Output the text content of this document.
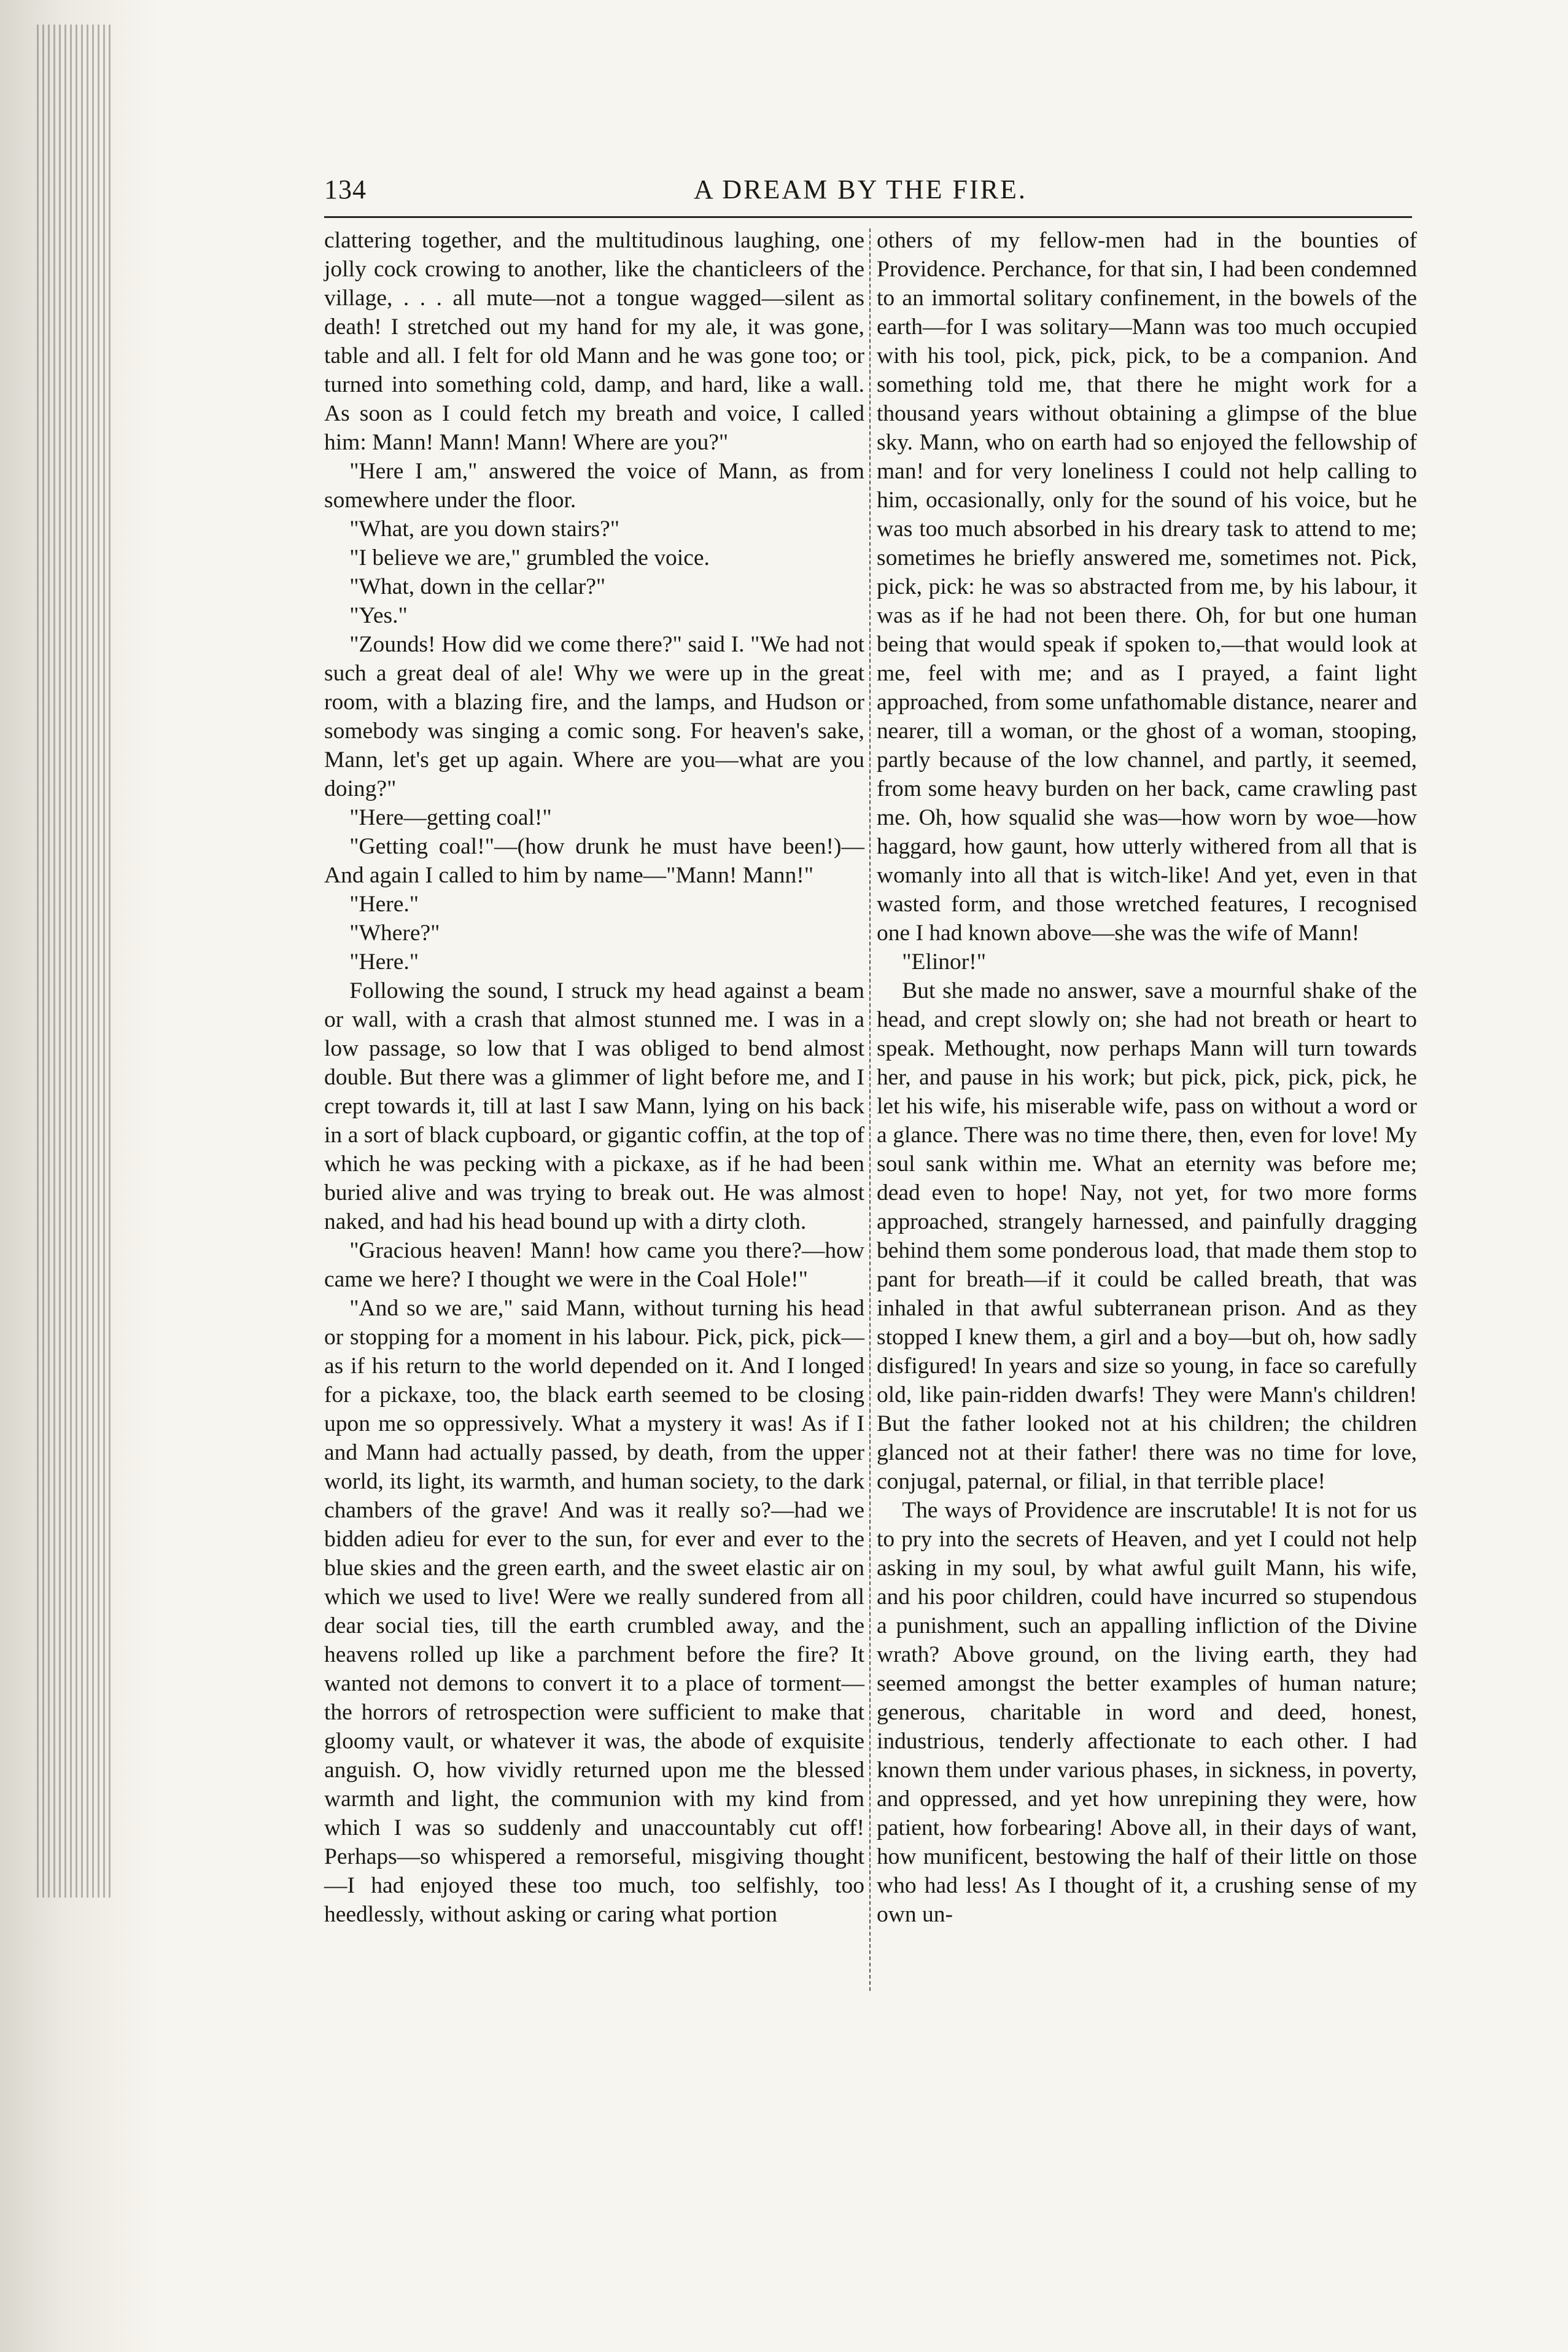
134	A DREAM BY THE FIRE.

clattering together, and the multitudinous laughing, one jolly cock crowing to another, like the chanticleers of the village, . . . all mute—not a tongue wagged—silent as death! I stretched out my hand for my ale, it was gone, table and all. I felt for old Mann and he was gone too; or turned into something cold, damp, and hard, like a wall. As soon as I could fetch my breath and voice, I called him: Mann! Mann! Mann! Where are you?"

"Here I am," answered the voice of Mann, as from somewhere under the floor.

"What, are you down stairs?"

"I believe we are," grumbled the voice.

"What, down in the cellar?"

"Yes."

"Zounds! How did we come there?" said I. "We had not such a great deal of ale! Why we were up in the great room, with a blazing fire, and the lamps, and Hudson or somebody was singing a comic song. For heaven's sake, Mann, let's get up again. Where are you—what are you doing?"

"Here—getting coal!"

"Getting coal!"—(how drunk he must have been!)—And again I called to him by name—"Mann! Mann!"

"Here."

"Where?"

"Here."

Following the sound, I struck my head against a beam or wall, with a crash that almost stunned me. I was in a low passage, so low that I was obliged to bend almost double. But there was a glimmer of light before me, and I crept towards it, till at last I saw Mann, lying on his back in a sort of black cupboard, or gigantic coffin, at the top of which he was pecking with a pickaxe, as if he had been buried alive and was trying to break out. He was almost naked, and had his head bound up with a dirty cloth.

"Gracious heaven! Mann! how came you there?—how came we here? I thought we were in the Coal Hole!"

"And so we are," said Mann, without turning his head or stopping for a moment in his labour. Pick, pick, pick—as if his return to the world depended on it. And I longed for a pickaxe, too, the black earth seemed to be closing upon me so oppressively. What a mystery it was! As if I and Mann had actually passed, by death, from the upper world, its light, its warmth, and human society, to the dark chambers of the grave! And was it really so?—had we bidden adieu for ever to the sun, for ever and ever to the blue skies and the green earth, and the sweet elastic air on which we used to live! Were we really sundered from all dear social ties, till the earth crumbled away, and the heavens rolled up like a parchment before the fire? It wanted not demons to convert it to a place of torment—the horrors of retrospection were sufficient to make that gloomy vault, or whatever it was, the abode of exquisite anguish. O, how vividly returned upon me the blessed warmth and light, the communion with my kind from which I was so suddenly and unaccountably cut off! Perhaps—so whispered a remorseful, misgiving thought—I had enjoyed these too much, too selfishly, too heedlessly, without asking or caring what portion

others of my fellow-men had in the bounties of Providence. Perchance, for that sin, I had been condemned to an immortal solitary confinement, in the bowels of the earth—for I was solitary—Mann was too much occupied with his tool, pick, pick, pick, to be a companion. And something told me, that there he might work for a thousand years without obtaining a glimpse of the blue sky. Mann, who on earth had so enjoyed the fellowship of man! and for very loneliness I could not help calling to him, occasionally, only for the sound of his voice, but he was too much absorbed in his dreary task to attend to me; sometimes he briefly answered me, sometimes not. Pick, pick, pick: he was so abstracted from me, by his labour, it was as if he had not been there. Oh, for but one human being that would speak if spoken to,—that would look at me, feel with me; and as I prayed, a faint light approached, from some unfathomable distance, nearer and nearer, till a woman, or the ghost of a woman, stooping, partly because of the low channel, and partly, it seemed, from some heavy burden on her back, came crawling past me. Oh, how squalid she was—how worn by woe—how haggard, how gaunt, how utterly withered from all that is womanly into all that is witch-like! And yet, even in that wasted form, and those wretched features, I recognised one I had known above—she was the wife of Mann!

"Elinor!"

But she made no answer, save a mournful shake of the head, and crept slowly on; she had not breath or heart to speak. Methought, now perhaps Mann will turn towards her, and pause in his work; but pick, pick, pick, pick, he let his wife, his miserable wife, pass on without a word or a glance. There was no time there, then, even for love! My soul sank within me. What an eternity was before me; dead even to hope! Nay, not yet, for two more forms approached, strangely harnessed, and painfully dragging behind them some ponderous load, that made them stop to pant for breath—if it could be called breath, that was inhaled in that awful subterranean prison. And as they stopped I knew them, a girl and a boy—but oh, how sadly disfigured! In years and size so young, in face so carefully old, like pain-ridden dwarfs! They were Mann's children! But the father looked not at his children; the children glanced not at their father! there was no time for love, conjugal, paternal, or filial, in that terrible place!

The ways of Providence are inscrutable! It is not for us to pry into the secrets of Heaven, and yet I could not help asking in my soul, by what awful guilt Mann, his wife, and his poor children, could have incurred so stupendous a punishment, such an appalling infliction of the Divine wrath? Above ground, on the living earth, they had seemed amongst the better examples of human nature; generous, charitable in word and deed, honest, industrious, tenderly affectionate to each other. I had known them under various phases, in sickness, in poverty, and oppressed, and yet how unrepining they were, how patient, how forbearing! Above all, in their days of want, how munificent, bestowing the half of their little on those who had less! As I thought of it, a crushing sense of my own un-
